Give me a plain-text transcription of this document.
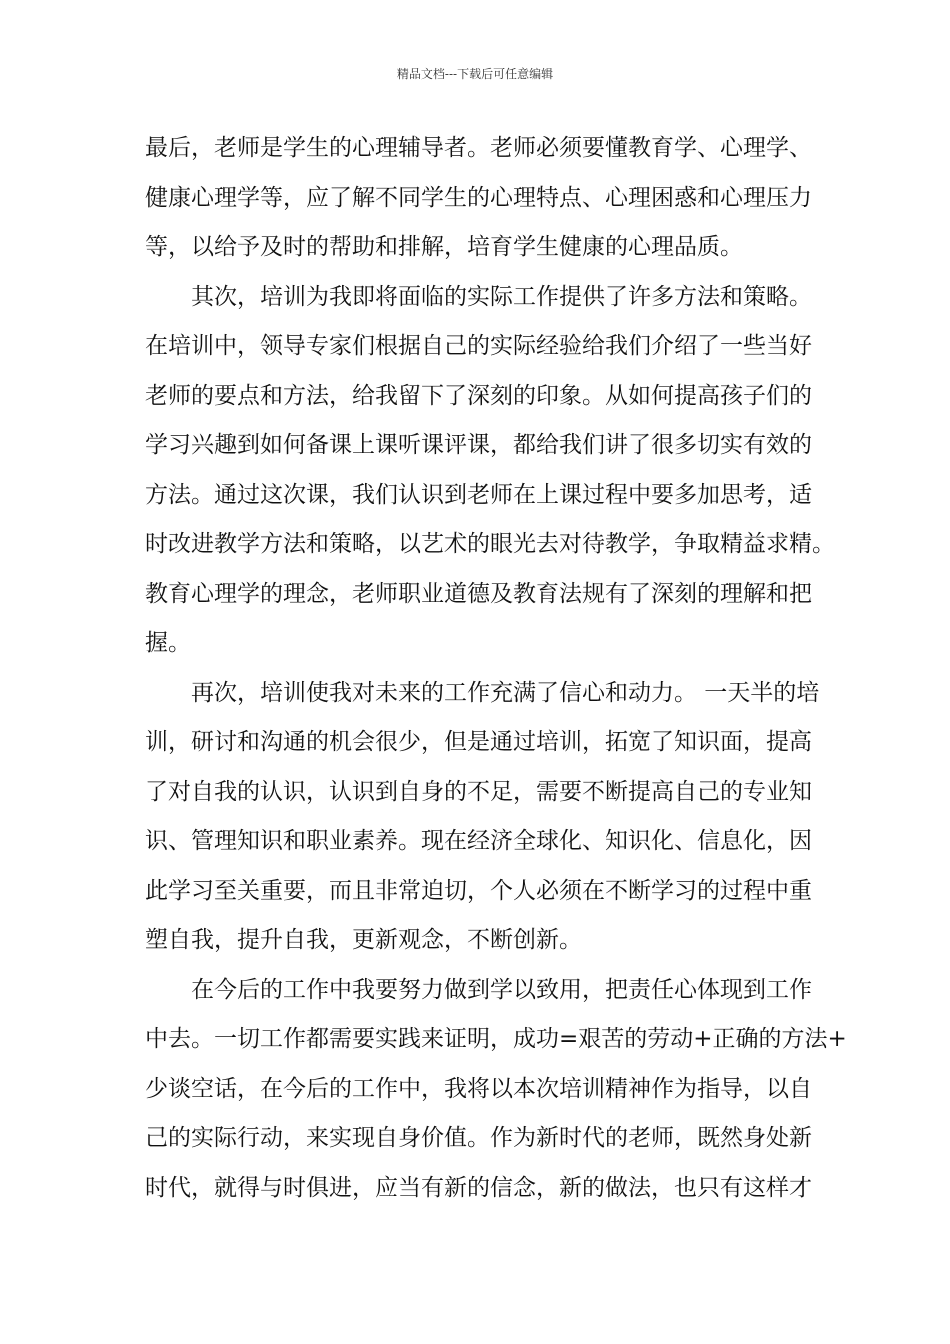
精品文档---下载后可任意编辑
最后，老师是学生的心理辅导者。老师必须要懂教育学、心理学、
健康心理学等，应了解不同学生的心理特点、心理困惑和心理压力
等，以给予及时的帮助和排解，培育学生健康的心理品质。
其次，培训为我即将面临的实际工作提供了许多方法和策略。
在培训中，领导专家们根据自己的实际经验给我们介绍了一些当好
老师的要点和方法，给我留下了深刻的印象。从如何提高孩子们的
学习兴趣到如何备课上课听课评课，都给我们讲了很多切实有效的
方法。通过这次课，我们认识到老师在上课过程中要多加思考，适
时改进教学方法和策略，以艺术的眼光去对待教学，争取精益求精。
教育心理学的理念，老师职业道德及教育法规有了深刻的理解和把
握。
再次，培训使我对未来的工作充满了信心和动力。 一天半的培
训，研讨和沟通的机会很少，但是通过培训，拓宽了知识面，提高
了对自我的认识，认识到自身的不足，需要不断提高自己的专业知
识、管理知识和职业素养。现在经济全球化、知识化、信息化，因
此学习至关重要，而且非常迫切，个人必须在不断学习的过程中重
塑自我，提升自我，更新观念，不断创新。
在今后的工作中我要努力做到学以致用，把责任心体现到工作
中去。一切工作都需要实践来证明，成功=艰苦的劳动+正确的方法+
少谈空话，在今后的工作中，我将以本次培训精神作为指导，以自
己的实际行动，来实现自身价值。作为新时代的老师，既然身处新
时代，就得与时俱进，应当有新的信念，新的做法，也只有这样才
